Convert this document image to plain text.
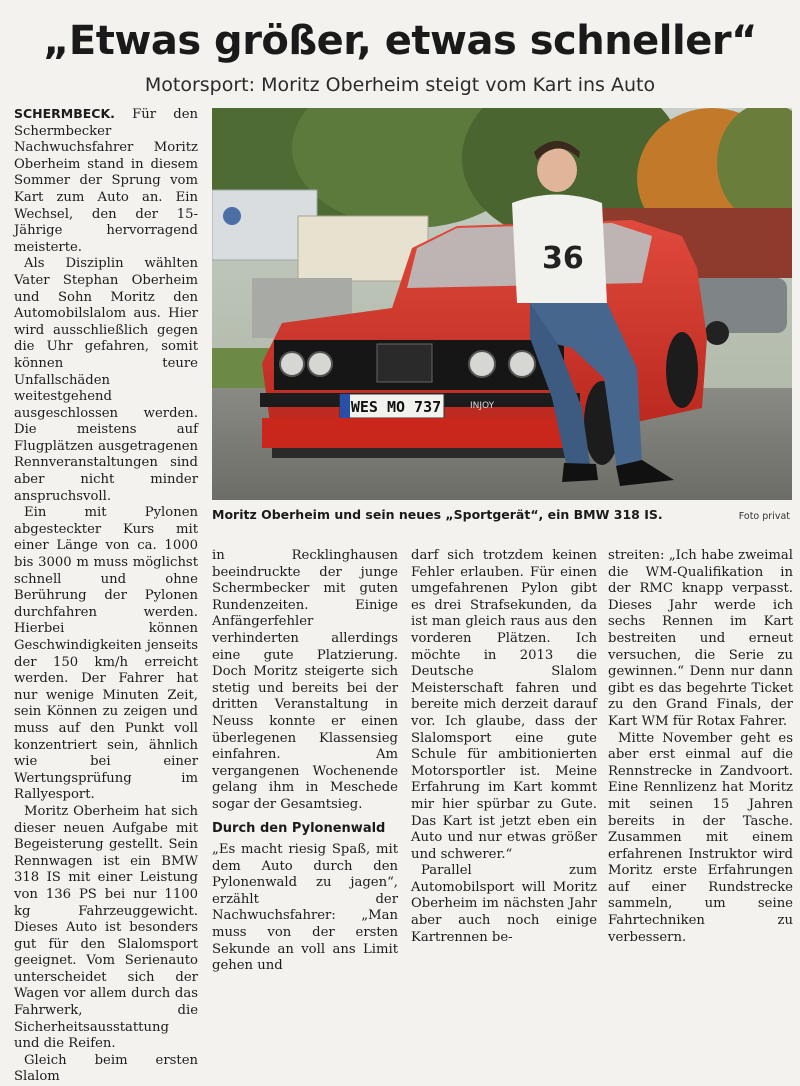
„Etwas größer, etwas schneller“
Motorsport: Moritz Oberheim steigt vom Kart ins Auto

SCHERMBECK. Für den Schermbecker Nachwuchsfahrer Moritz Oberheim stand in diesem Sommer der Sprung vom Kart zum Auto an. Ein Wechsel, den der 15-Jährige hervorragend meisterte.

Als Disziplin wählten Vater Stephan Oberheim und Sohn Moritz den Automobilslalom aus. Hier wird ausschließlich gegen die Uhr gefahren, somit können teure Unfallschäden weitestgehend ausgeschlossen werden. Die meistens auf Flugplätzen ausgetragenen Rennveranstaltungen sind aber nicht minder anspruchsvoll.

Ein mit Pylonen abgesteckter Kurs mit einer Länge von ca. 1000 bis 3000 m muss möglichst schnell und ohne Berührung der Pylonen durchfahren werden. Hierbei können Geschwindigkeiten jenseits der 150 km/h erreicht werden. Der Fahrer hat nur wenige Minuten Zeit, sein Können zu zeigen und muss auf den Punkt voll konzentriert sein, ähnlich wie bei einer Wertungsprüfung im Rallyesport.

Moritz Oberheim hat sich dieser neuen Aufgabe mit Begeisterung gestellt. Sein Rennwagen ist ein BMW 318 IS mit einer Leistung von 136 PS bei nur 1100 kg Fahrzeuggewicht. Dieses Auto ist besonders gut für den Slalomsport geeignet. Vom Serienauto unterscheidet sich der Wagen vor allem durch das Fahrwerk, die Sicherheitsausstattung und die Reifen.

Gleich beim ersten Slalom

WES MO 737	INJOY
36
Moritz Oberheim und sein neues „Sportgerät“, ein BMW 318 IS.	Foto privat

in Recklinghausen beeindruckte der junge Schermbecker mit guten Rundenzeiten. Einige Anfängerfehler verhinderten allerdings eine gute Platzierung. Doch Moritz steigerte sich stetig und bereits bei der dritten Veranstaltung in Neuss konnte er einen überlegenen Klassensieg einfahren. Am vergangenen Wochenende gelang ihm in Meschede sogar der Gesamtsieg.

Durch den Pylonenwald

„Es macht riesig Spaß, mit dem Auto durch den Pylonenwald zu jagen“, erzählt der Nachwuchsfahrer: „Man muss von der ersten Sekunde an voll ans Limit gehen und

darf sich trotzdem keinen Fehler erlauben. Für einen umgefahrenen Pylon gibt es drei Strafsekunden, da ist man gleich raus aus den vorderen Plätzen. Ich möchte in 2013 die Deutsche Slalom Meisterschaft fahren und bereite mich derzeit darauf vor. Ich glaube, dass der Slalomsport eine gute Schule für ambitionierten Motorsportler ist. Meine Erfahrung im Kart kommt mir hier spürbar zu Gute. Das Kart ist jetzt eben ein Auto und nur etwas größer und schwerer.“

Parallel zum Automobilsport will Moritz Oberheim im nächsten Jahr aber auch noch einige Kartrennen be-

streiten: „Ich habe zweimal die WM-Qualifikation in der RMC knapp verpasst. Dieses Jahr werde ich sechs Rennen im Kart bestreiten und erneut versuchen, die Serie zu gewinnen.“ Denn nur dann gibt es das begehrte Ticket zu den Grand Finals, der Kart WM für Rotax Fahrer.

Mitte November geht es aber erst einmal auf die Rennstrecke in Zandvoort. Eine Rennlizenz hat Moritz mit seinen 15 Jahren bereits in der Tasche. Zusammen mit einem erfahrenen Instruktor wird Moritz erste Erfahrungen auf einer Rundstrecke sammeln, um seine Fahrtechniken zu verbessern.
